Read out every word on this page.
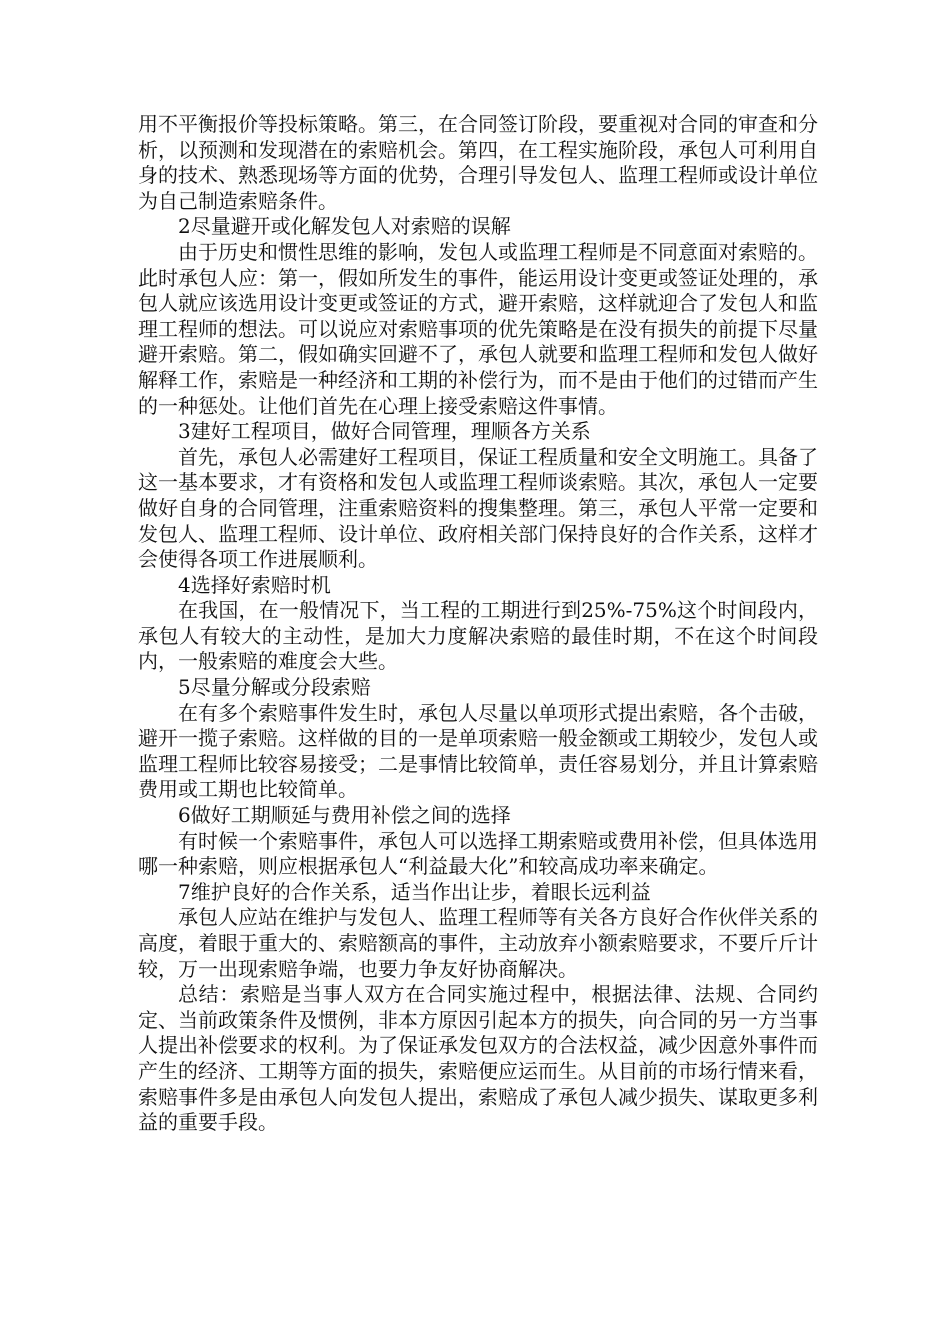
用不平衡报价等投标策略。第三，在合同签订阶段，要重视对合同的审查和分析，以预测和发现潜在的索赔机会。第四，在工程实施阶段，承包人可利用自身的技术、熟悉现场等方面的优势，合理引导发包人、监理工程师或设计单位为自己制造索赔条件。

2尽量避开或化解发包人对索赔的误解

由于历史和惯性思维的影响，发包人或监理工程师是不同意面对索赔的。此时承包人应：第一，假如所发生的事件，能运用设计变更或签证处理的，承包人就应该选用设计变更或签证的方式，避开索赔，这样就迎合了发包人和监理工程师的想法。可以说应对索赔事项的优先策略是在没有损失的前提下尽量避开索赔。第二，假如确实回避不了，承包人就要和监理工程师和发包人做好解释工作，索赔是一种经济和工期的补偿行为，而不是由于他们的过错而产生的一种惩处。让他们首先在心理上接受索赔这件事情。

3建好工程项目，做好合同管理，理顺各方关系

首先，承包人必需建好工程项目，保证工程质量和安全文明施工。具备了这一基本要求，才有资格和发包人或监理工程师谈索赔。其次，承包人一定要做好自身的合同管理，注重索赔资料的搜集整理。第三，承包人平常一定要和发包人、监理工程师、设计单位、政府相关部门保持良好的合作关系，这样才会使得各项工作进展顺利。

4选择好索赔时机

在我国，在一般情况下，当工程的工期进行到25%-75%这个时间段内，承包人有较大的主动性，是加大力度解决索赔的最佳时期，不在这个时间段内，一般索赔的难度会大些。

5尽量分解或分段索赔

在有多个索赔事件发生时，承包人尽量以单项形式提出索赔，各个击破，避开一揽子索赔。这样做的目的一是单项索赔一般金额或工期较少，发包人或监理工程师比较容易接受；二是事情比较简单，责任容易划分，并且计算索赔费用或工期也比较简单。

6做好工期顺延与费用补偿之间的选择

有时候一个索赔事件，承包人可以选择工期索赔或费用补偿，但具体选用哪一种索赔，则应根据承包人“利益最大化”和较高成功率来确定。

7维护良好的合作关系，适当作出让步，着眼长远利益

承包人应站在维护与发包人、监理工程师等有关各方良好合作伙伴关系的高度，着眼于重大的、索赔额高的事件，主动放弃小额索赔要求，不要斤斤计较，万一出现索赔争端，也要力争友好协商解决。

总结：索赔是当事人双方在合同实施过程中，根据法律、法规、合同约定、当前政策条件及惯例，非本方原因引起本方的损失，向合同的另一方当事人提出补偿要求的权利。为了保证承发包双方的合法权益，减少因意外事件而产生的经济、工期等方面的损失，索赔便应运而生。从目前的市场行情来看，索赔事件多是由承包人向发包人提出，索赔成了承包人减少损失、谋取更多利益的重要手段。
